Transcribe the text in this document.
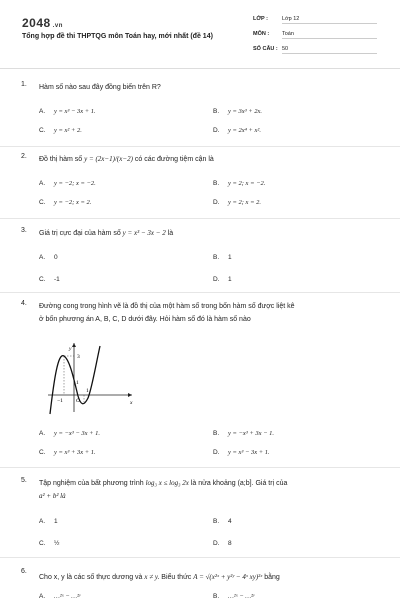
2048 .vn
Tổng hợp đề thi THPTQG môn Toán hay, mới nhất (đề 14)
LỚP :	Lớp 12
MÔN : Toán
SỐ CÂU : 50
1. Hàm số nào sau đây đồng biến trên R?
A. y = x³ − 3x + 1.	B. y = 3x³ + 2x.
C. y = x² + 2.	D. y = 2x⁴ + x².
2. Đồ thị hàm số y = (2x−1)/(x−2) có các đường tiệm cận là
A. y = −2; x = −2.	B. y = 2; x = −2.
C. y = −2; x = 2.	D. y = 2; x = 2.
3. Giá trị cực đại của hàm số y = x³ − 3x − 2 là
A. 0	B. 1
C. -1	D. 1
4. Đường cong trong hình vẽ là đồ thị của một hàm số trong bốn hàm số được liệt kê
ở bốn phương án A, B, C, D dưới đây. Hỏi hàm số đó là hàm số nào
y
x
O
3
1
−1
1
A. y = −x³ − 3x + 1.	B. y = −x³ + 3x − 1.
C. y = x³ + 3x + 1.	D. y = x³ − 3x + 1.
5. Tập nghiệm của bất phương trình log₃ x ≤ log₃ 2x là nửa khoảng (a;b]. Giá trị của
a² + b² là
A. 1	B. 4
C. ½	D. 8
6.
Cho x, y là các số thực dương và x ≠ y. Biểu thức A = √(x²ˣ + y²ʸ − 4ˣ xy)²ˣ bằng
A. …²ˣ − …²ʸ	B. …²ˣ − …²ʸ
